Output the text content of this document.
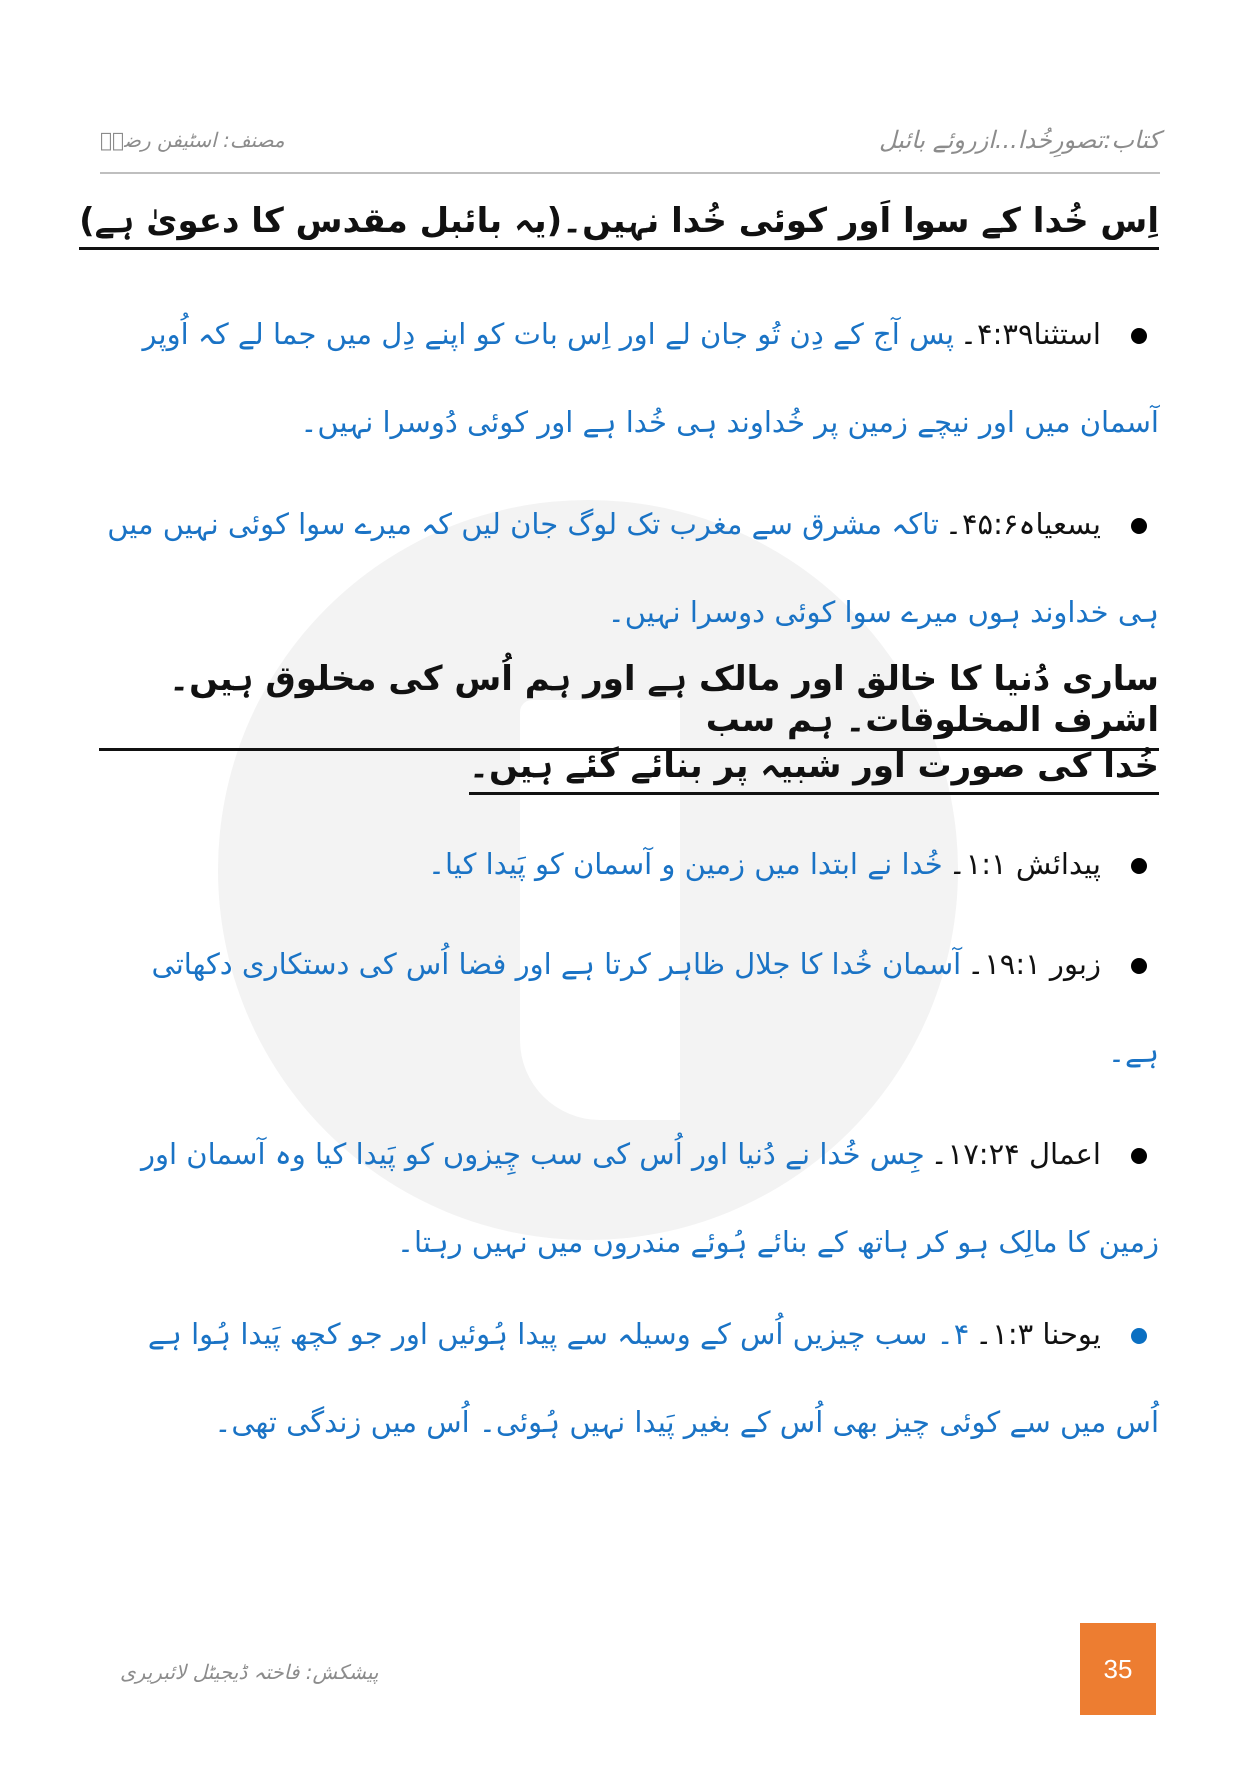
کتاب:تصورِخُدا...ازروئے بائبل
مصنف: اسٹیفن رضاؔ
اِس خُدا کے سوا اَور کوئی خُدا نہیں۔(یہ بائبل مقدس کا دعویٰ ہے)
استثنا۴:۳۹۔پس آج کے دِن تُو جان لے اور اِس بات کو اپنے دِل میں جما لے کہ اُوپر آسمان میں اور نیچے زمین پر خُداوند ہی خُدا ہے اور کوئی دُوسرا نہیں۔
یسعیاہ۴۵:۶۔تاکہ مشرق سے مغرب تک لوگ جان لیں کہ میرے سوا کوئی نہیں میں ہی خداوند ہوں میرے سوا کوئی دوسرا نہیں۔
ساری دُنیا کا خالق اور مالک ہے اور ہم اُس کی مخلوق ہیں۔ اشرف المخلوقات۔ ہم سب
خُدا کی صورت اور شبیہ پر بنائے گئے ہیں۔
پیدائش ۱:۱۔خُدا نے ابتدا میں زمین و آسمان کو پَیدا کیا۔
زبور ۱۹:۱۔آسمان خُدا کا جلال ظاہر کرتا ہے اور فضا اُس کی دستکاری دکھاتی ہے۔
اعمال ۱۷:۲۴۔جِس خُدا نے دُنیا اور اُس کی سب چِیزوں کو پَیدا کیا وہ آسمان اور زمین کا مالِک ہو کر ہاتھ کے بنائے ہُوئے مندروں میں نہیں رہتا۔
یوحنا ۱:۳۔۴۔ سب چیزیں اُس کے وسیلہ سے پیدا ہُوئیں اور جو کچھ پَیدا ہُوا ہے اُس میں سے کوئی چیز بھی اُس کے بغیر پَیدا نہیں ہُوئی۔ اُس میں زندگی تھی۔
پیشکش: فاختہ ڈیجیٹل لائبریری	35
